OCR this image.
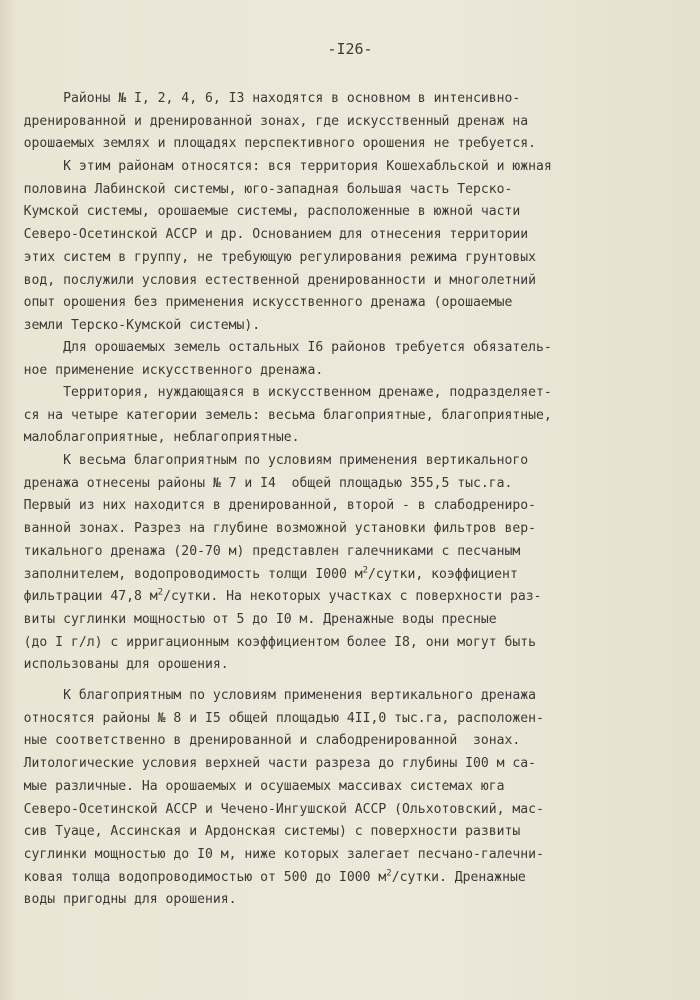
-I26-

Районы № I, 2, 4, 6, I3 находятся в основном в интенсивно-
дренированной и дренированной зонах, где искусственный дренаж на
орошаемых землях и площадях перспективного орошения не требуется.

К этим районам относятся: вся территория Кошехабльской и южная
половина Лабинской системы, юго-западная большая часть Терско-
Кумской системы, орошаемые системы, расположенные в южной части
Северо-Осетинской АССР и др. Основанием для отнесения территории
этих систем в группу, не требующую регулирования режима грунтовых
вод, послужили условия естественной дренированности и многолетний
опыт орошения без применения искусственного дренажа (орошаемые
земли Терско-Кумской системы).

Для орошаемых земель остальных I6 районов требуется обязатель-
ное применение искусственного дренажа.

Территория, нуждающаяся в искусственном дренаже, подразделяет-
ся на четыре категории земель: весьма благоприятные, благоприятные,
малоблагоприятные, неблагоприятные.

К весьма благоприятным по условиям применения вертикального
дренажа отнесены районы № 7 и I4  общей площадью 355,5 тыс.га.
Первый из них находится в дренированной, второй - в слабодрениро-
ванной зонах. Разрез на глубине возможной установки фильтров вер-
тикального дренажа (20-70 м) представлен галечниками с песчаным
заполнителем, водопроводимость толщи I000 $м^2$/сутки, коэффициент
фильтрации 47,8 $м^2$/сутки. На некоторых участках с поверхности раз-
виты суглинки мощностью от 5 до I0 м. Дренажные воды пресные
(до I г/л) с ирригационным коэффициентом более I8, они могут быть
использованы для орошения.

К благоприятным по условиям применения вертикального дренажа
относятся районы № 8 и I5 общей площадью 4II,0 тыс.га, расположен-
ные соответственно в дренированной и слабодренированной  зонах.
Литологические условия верхней части разреза до глубины I00 м са-
мые различные. На орошаемых и осушаемых массивах системах юга
Северо-Осетинской АССР и Чечено-Ингушской АССР (Ольхотовский, мас-
сив Туаце, Ассинская и Ардонская системы) с поверхности развиты
суглинки мощностью до I0 м, ниже которых залегает песчано-галечни-
ковая толща водопроводимостью от 500 до I000 $м^2$/сутки. Дренажные
воды пригодны для орошения.
